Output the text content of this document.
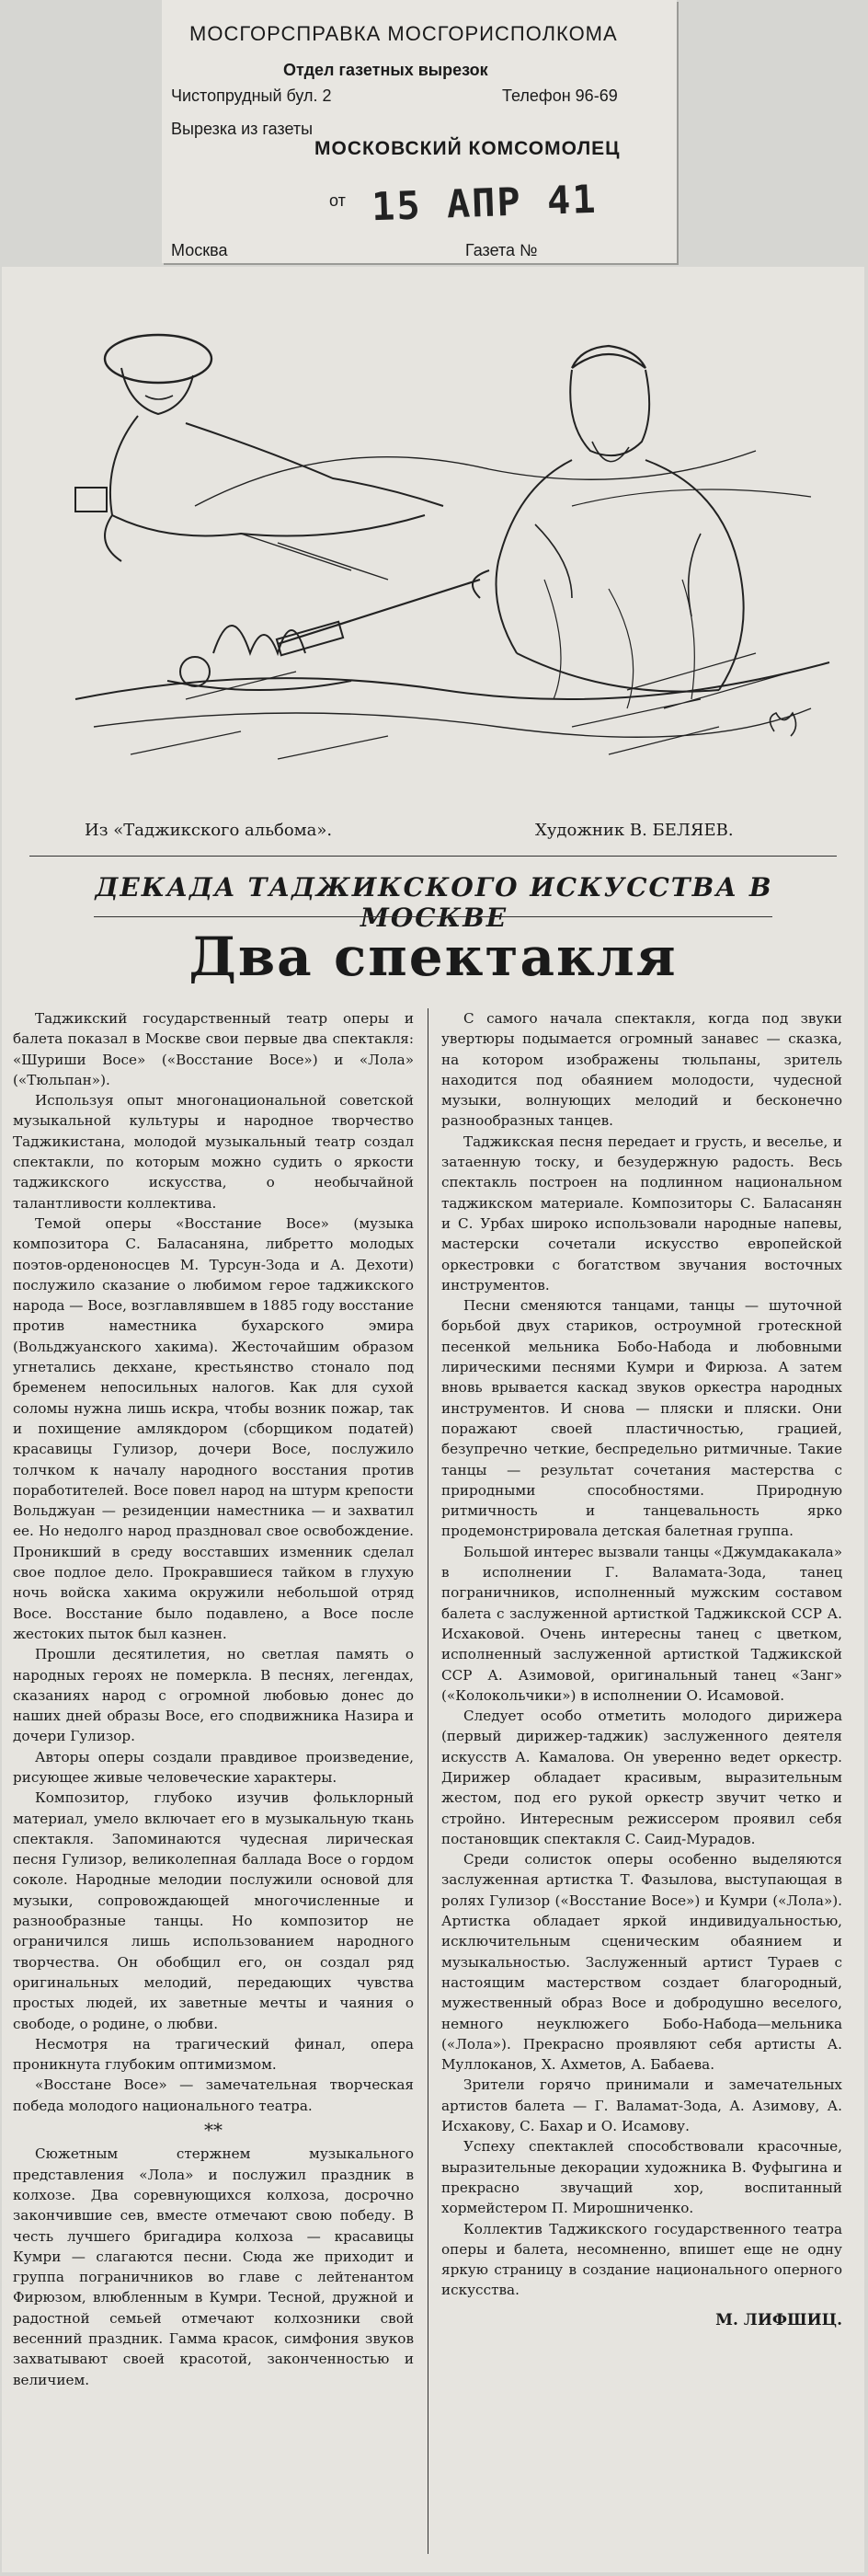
МОСГОРСПРАВКА МОСГОРИСПОЛКОМА
Отдел газетных вырезок
Чистопрудный бул. 2	Телефон 96-69
Вырезка из газеты
МОСКОВСКИЙ КОМСОМОЛЕЦ
от 15 АПР 41
Москва	Газета №
Из «Таджикского альбома».	Художник В. БЕЛЯЕВ.
ДЕКАДА ТАДЖИКСКОГО ИСКУССТВА В МОСКВЕ
Два спектакля

Таджикский государственный театр оперы и балета показал в Москве свои первые два спектакля: «Шуриши Восе» («Восстание Восе») и «Лола» («Тюльпан»).

Используя опыт многонациональной советской музыкальной культуры и народное творчество Таджикистана, молодой музыкальный театр создал спектакли, по которым можно судить о яркости таджикского искусства, о необычайной талантливости коллектива.

Темой оперы «Восстание Восе» (музыка композитора С. Баласаняна, либретто молодых поэтов-орденоносцев М. Турсун-Зода и А. Дехоти) послужило сказание о любимом герое таджикского народа — Восе, возглавлявшем в 1885 году восстание против наместника бухарского эмира (Вольджуанского хакима). Жесточайшим образом угнетались декхане, крестьянство стонало под бременем непосильных налогов. Как для сухой соломы нужна лишь искра, чтобы возник пожар, так и похищение амлякдором (сборщиком податей) красавицы Гулизор, дочери Восе, послужило толчком к началу народного восстания против поработителей. Восе повел народ на штурм крепости Вольджуан — резиденции наместника — и захватил ее. Но недолго народ праздновал свое освобождение. Проникший в среду восставших изменник сделал свое подлое дело. Прокравшиеся тайком в глухую ночь войска хакима окружили небольшой отряд Восе. Восстание было подавлено, а Восе после жестоких пыток был казнен.

Прошли десятилетия, но светлая память о народных героях не померкла. В песнях, легендах, сказаниях народ с огромной любовью донес до наших дней образы Восе, его сподвижника Назира и дочери Гулизор.

Авторы оперы создали правдивое произведение, рисующее живые человеческие характеры.

Композитор, глубоко изучив фольклорный материал, умело включает его в музыкальную ткань спектакля. Запоминаются чудесная лирическая песня Гулизор, великолепная баллада Восе о гордом соколе. Народные мелодии послужили основой для музыки, сопровождающей многочисленные и разнообразные танцы. Но композитор не ограничился лишь использованием народного творчества. Он обобщил его, он создал ряд оригинальных мелодий, передающих чувства простых людей, их заветные мечты и чаяния о свободе, о родине, о любви.

Несмотря на трагический финал, опера проникнута глубоким оптимизмом.

«Восстане Восе» — замечательная творческая победа молодого национального театра.

**

Сюжетным стержнем музыкального представления «Лола» и послужил праздник в колхозе. Два соревнующихся колхоза, досрочно закончившие сев, вместе отмечают свою победу. В честь лучшего бригадира колхоза — красавицы Кумри — слагаются песни. Сюда же приходит и группа пограничников во главе с лейтенантом Фирюзом, влюбленным в Кумри. Тесной, дружной и радостной семьей отмечают колхозники свой весенний праздник. Гамма красок, симфония звуков захватывают своей красотой, законченностью и величием.

С самого начала спектакля, когда под звуки увертюры подымается огромный занавес — сказка, на котором изображены тюльпаны, зритель находится под обаянием молодости, чудесной музыки, волнующих мелодий и бесконечно разнообразных танцев.

Таджикская песня передает и грусть, и веселье, и затаенную тоску, и безудержную радость. Весь спектакль построен на подлинном национальном таджикском материале. Композиторы С. Баласанян и С. Урбах широко использовали народные напевы, мастерски сочетали искусство европейской оркестровки с богатством звучания восточных инструментов.

Песни сменяются танцами, танцы — шуточной борьбой двух стариков, остроумной гротескной песенкой мельника Бобо-Набода и любовными лирическими песнями Кумри и Фирюза. А затем вновь врывается каскад звуков оркестра народных инструментов. И снова — пляски и пляски. Они поражают своей пластичностью, грацией, безупречно четкие, беспредельно ритмичные. Такие танцы — результат сочетания мастерства с природными способностями. Природную ритмичность и танцевальность ярко продемонстрировала детская балетная группа.

Большой интерес вызвали танцы «Джумдакакала» в исполнении Г. Валамата-Зода, танец пограничников, исполненный мужским составом балета с заслуженной артисткой Таджикской ССР А. Исхаковой. Очень интересны танец с цветком, исполненный заслуженной артисткой Таджикской ССР А. Азимовой, оригинальный танец «Занг» («Колокольчики») в исполнении О. Исамовой.

Следует особо отметить молодого дирижера (первый дирижер-таджик) заслуженного деятеля искусств А. Камалова. Он уверенно ведет оркестр. Дирижер обладает красивым, выразительным жестом, под его рукой оркестр звучит четко и стройно. Интересным режиссером проявил себя постановщик спектакля С. Саид-Мурадов.

Среди солисток оперы особенно выделяются заслуженная артистка Т. Фазылова, выступающая в ролях Гулизор («Восстание Восе») и Кумри («Лола»). Артистка обладает яркой индивидуальностью, исключительным сценическим обаянием и музыкальностью. Заслуженный артист Тураев с настоящим мастерством создает благородный, мужественный образ Восе и добродушно веселого, немного неуклюжего Бобо-Набода—мельника («Лола»). Прекрасно проявляют себя артисты А. Муллоканов, Х. Ахметов, А. Бабаева.

Зрители горячо принимали и замечательных артистов балета — Г. Валамат-Зода, А. Азимову, А. Исхакову, С. Бахар и О. Исамову.

Успеху спектаклей способствовали красочные, выразительные декорации художника В. Фуфыгина и прекрасно звучащий хор, воспитанный хормейстером П. Мирошниченко.

Коллектив Таджикского государственного театра оперы и балета, несомненно, впишет еще не одну яркую страницу в создание национального оперного искусства.

М. ЛИФШИЦ.
